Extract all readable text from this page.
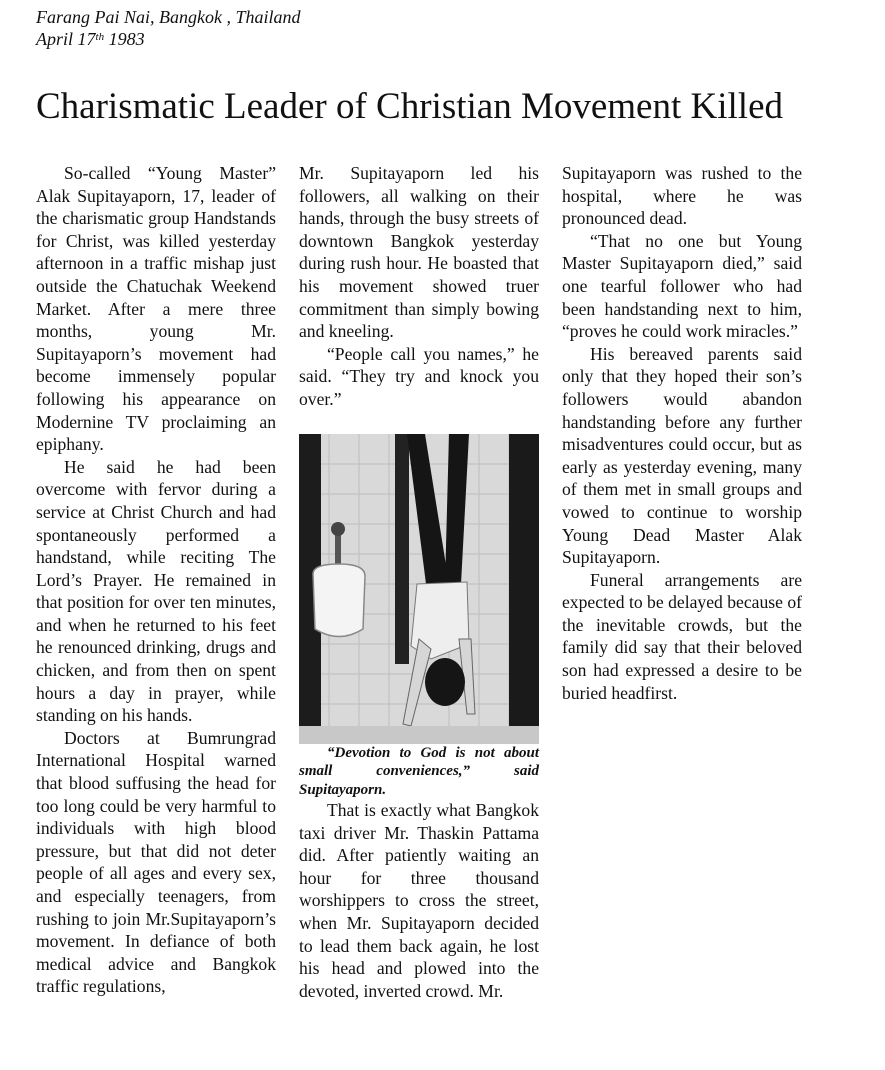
Farang Pai Nai, Bangkok , Thailand
April 17th 1983
Charismatic Leader of Christian Movement Killed

So-called “Young Master” Alak Supitayaporn, 17, leader of the charismatic group Handstands for Christ, was killed yesterday afternoon in a traffic mishap just outside the Chatuchak Weekend Market. After a mere three months, young Mr. Supitayaporn’s movement had become immensely popular following his appearance on Modernine TV proclaiming an epiphany.

He said he had been overcome with fervor during a service at Christ Church and had spontaneously performed a handstand, while reciting The Lord’s Prayer. He remained in that position for over ten minutes, and when he returned to his feet he renounced drinking, drugs and chicken, and from then on spent hours a day in prayer, while standing on his hands.

Doctors at Bumrungrad International Hospital warned that blood suffusing the head for too long could be very harmful to individuals with high blood pressure, but that did not deter people of all ages and every sex, and especially teenagers, from rushing to join Mr.Supitayaporn’s movement. In defiance of both medical advice and Bangkok traffic regulations,

Mr. Supitayaporn led his followers, all walking on their hands, through the busy streets of downtown Bangkok yesterday during rush hour. He boasted that his movement showed truer commitment than simply bowing and kneeling.

“People call you names,” he said. “They try and knock you over.”

“Devotion to God is not about small conveniences,” said Supitayaporn.

That is exactly what Bangkok taxi driver Mr. Thaskin Pattama did. After patiently waiting an hour for three thousand worshippers to cross the street, when Mr. Supitayaporn decided to lead them back again, he lost his head and plowed into the devoted, inverted crowd. Mr.

Supitayaporn was rushed to the hospital, where he was pronounced dead.

“That no one but Young Master Supitayaporn died,” said one tearful follower who had been handstanding next to him, “proves he could work miracles.”

His bereaved parents said only that they hoped their son’s followers would abandon handstanding before any further misadventures could occur, but as early as yesterday evening, many of them met in small groups and vowed to continue to worship Young Dead Master Alak Supitayaporn.

Funeral arrangements are expected to be delayed because of the inevitable crowds, but the family did say that their beloved son had expressed a desire to be buried headfirst.
